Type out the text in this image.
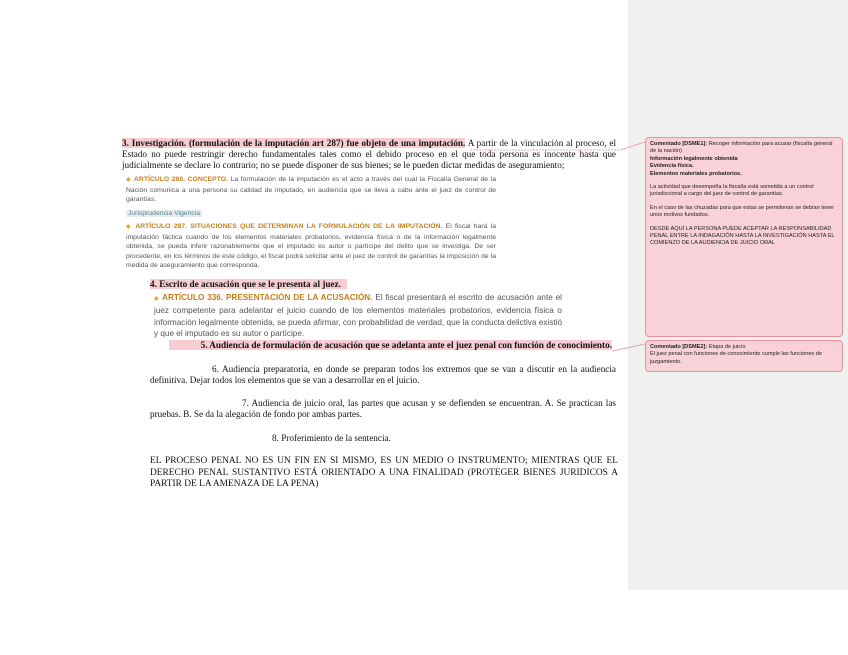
3. Investigación. (formulación de la imputación art 287) fue objeto de una imputación. A partir de la vinculación al proceso, el Estado no puede restringir derecho fundamentales tales como el debido proceso en el que toda persona es inocente hasta que judicialmente se declare lo contrario; no se puede disponer de sus bienes; se le pueden dictar medidas de aseguramiento;
◆ ARTÍCULO 286. CONCEPTO. La formulación de la imputación es el acto a través del cual la Fiscalía General de la Nación comunica a una persona su calidad de imputado, en audiencia que se lleva a cabo ante el juez de control de garantías.
Jurisprudencia Vigencia
◆ ARTÍCULO 287. SITUACIONES QUE DETERMINAN LA FORMULACIÓN DE LA IMPUTACIÓN. El fiscal hará la imputación fáctica cuando de los elementos materiales probatorios, evidencia física o de la información legalmente obtenida, se pueda inferir razonablemente que el imputado es autor o partícipe del delito que se investiga. De ser procedente, en los términos de este código, el fiscal podrá solicitar ante el juez de control de garantías la imposición de la medida de aseguramiento que corresponda.
4. Escrito de acusación que se le presenta al juez.
◆ ARTÍCULO 336. PRESENTACIÓN DE LA ACUSACIÓN. El fiscal presentará el escrito de acusación ante el juez competente para adelantar el juicio cuando de los elementos materiales probatorios, evidencia física o información legalmente obtenida, se pueda afirmar, con probabilidad de verdad, que la conducta delictiva existió y que el imputado es su autor o partícipe.
5. Audiencia de formulación de acusación que se adelanta ante el juez penal con función de conocimiento.
6. Audiencia preparatoria, en donde se preparan todos los extremos que se van a discutir en la audiencia definitiva. Dejar todos los elementos que se van a desarrollar en el juicio.
7. Audiencia de juicio oral, las partes que acusan y se defienden se encuentran. A. Se practican las pruebas. B. Se da la alegación de fondo por ambas partes.
8. Proferimiento de la sentencia.
EL PROCESO PENAL NO ES UN FIN EN SI MISMO, ES UN MEDIO O INSTRUMENTO; MIENTRAS QUE EL DERECHO PENAL SUSTANTIVO ESTÁ ORIENTADO A UNA FINALIDAD (PROTEGER BIENES JURIDICOS A PARTIR DE LA AMENAZA DE LA PENA)

Comentado [DSME1]: Recoger información para acusar (fiscalía general de la nación)

Información legalmente obtenida
Evidencia física.
Elementos materiales probatorios.

La actividad que desempeña la fiscalía está sometida a un control jurisdiccional a cargo del juez de control de garantías.

En el caso de las chuzadas para que estas se permitieran se debían tener unos motivos fundados.

DESDE AQUÍ LA PERSONA PUEDE ACEPTAR LA RESPONSABILIDAD PENAL ENTRE LA INDAGACIÓN HASTA LA INVESTIGACIÓN HASTA EL COMIENZO DE LA AUDIENCIA DE JUICIO ORAL

Comentado [DSME2]: Etapa de juicio
El juez penal con funciones de conocimiento cumple las funciones de juzgamiento.
